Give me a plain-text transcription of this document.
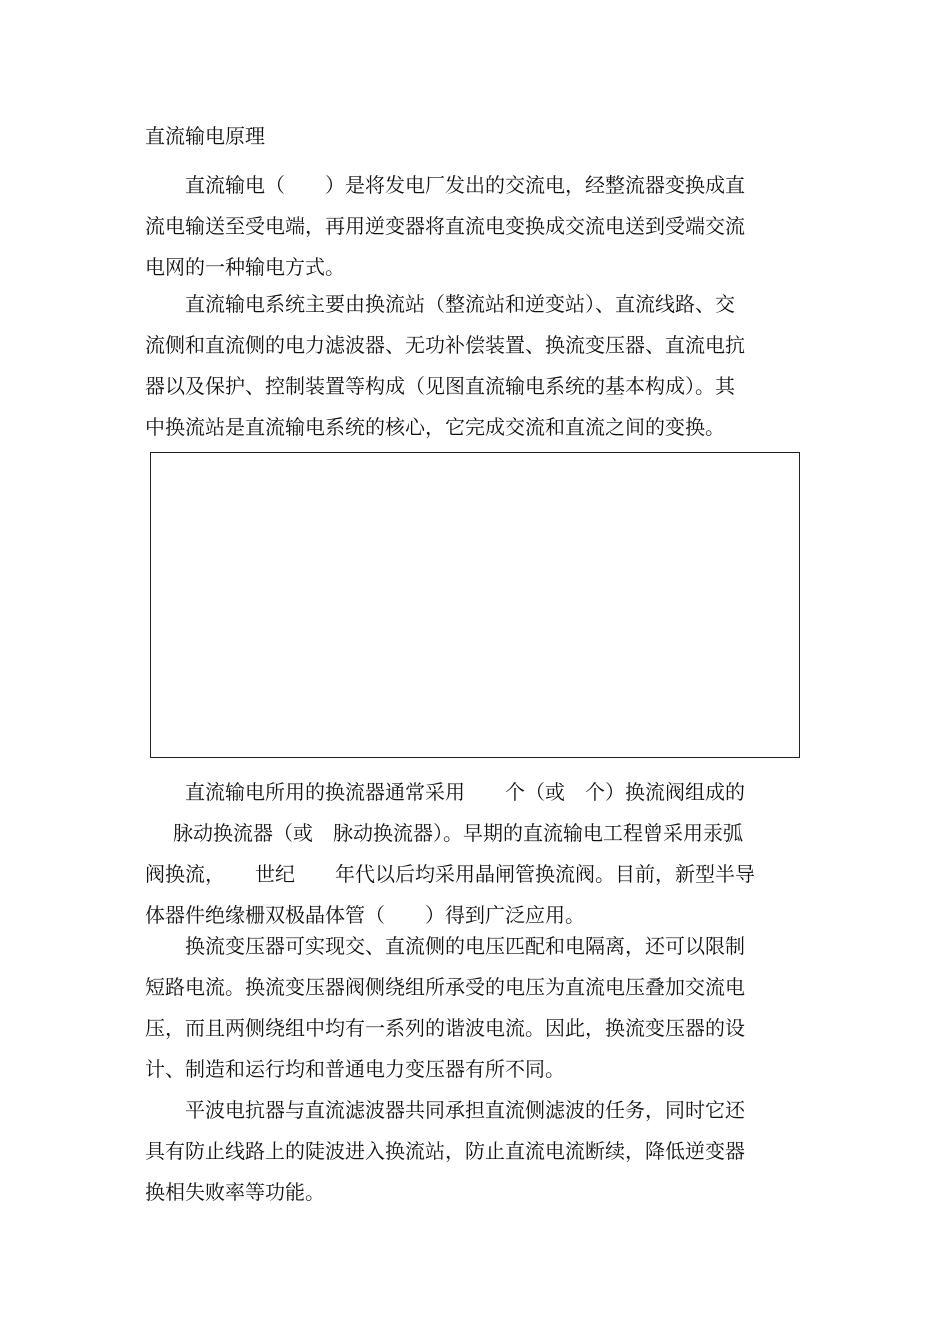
直流输电原理
直流输电（　　）是将发电厂发出的交流电，经整流器变换成直
流电输送至受电端，再用逆变器将直流电变换成交流电送到受端交流
电网的一种输电方式。
直流输电系统主要由换流站（整流站和逆变站）、直流线路、交
流侧和直流侧的电力滤波器、无功补偿装置、换流变压器、直流电抗
器以及保护、控制装置等构成（见图直流输电系统的基本构成）。其
中换流站是直流输电系统的核心，它完成交流和直流之间的变换。
直流输电所用的换流器通常采用　　个（或　个）换流阀组成的
脉动换流器（或　脉动换流器）。早期的直流输电工程曾采用汞弧
阀换流，　　世纪　　年代以后均采用晶闸管换流阀。目前，新型半导
体器件绝缘栅双极晶体管（　　）得到广泛应用。
换流变压器可实现交、直流侧的电压匹配和电隔离，还可以限制
短路电流。换流变压器阀侧绕组所承受的电压为直流电压叠加交流电
压，而且两侧绕组中均有一系列的谐波电流。因此，换流变压器的设
计、制造和运行均和普通电力变压器有所不同。
平波电抗器与直流滤波器共同承担直流侧滤波的任务，同时它还
具有防止线路上的陡波进入换流站，防止直流电流断续，降低逆变器
换相失败率等功能。
